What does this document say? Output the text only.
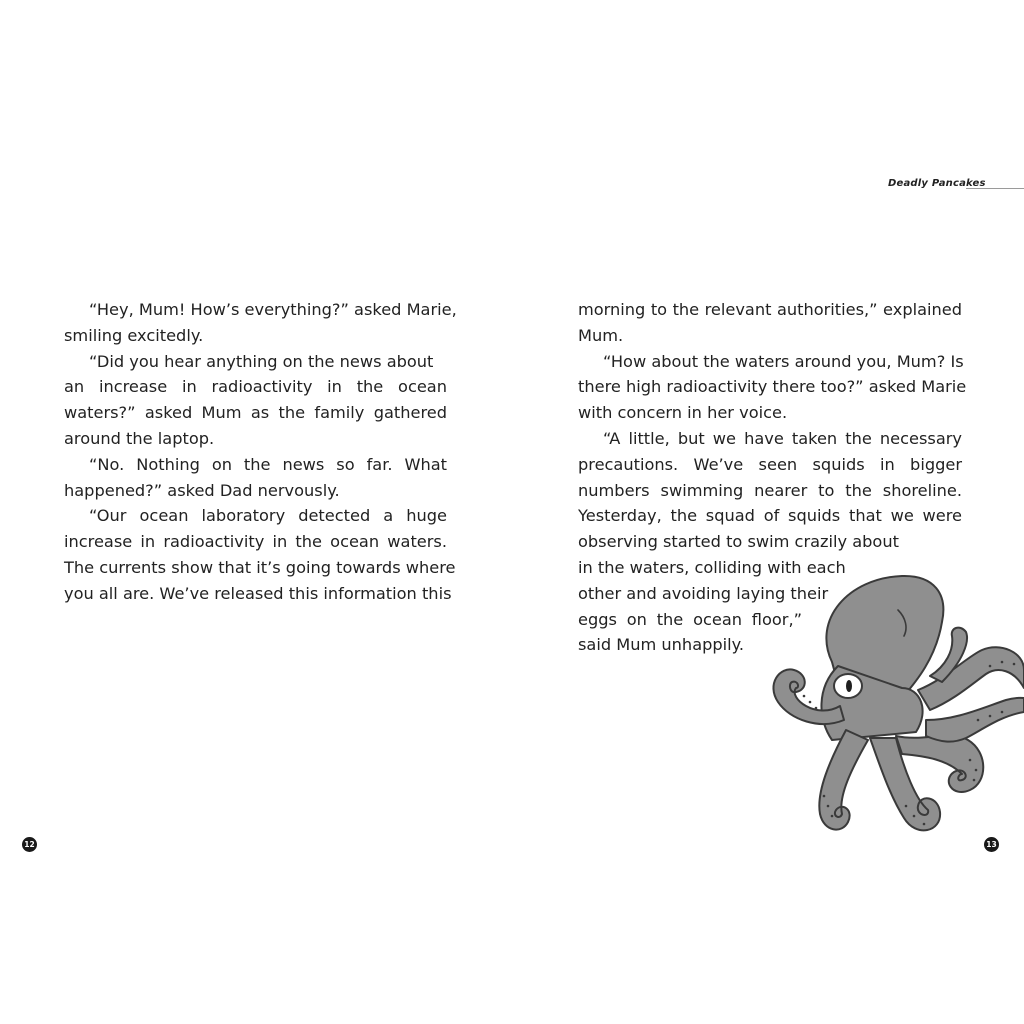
“Hey, Mum! How’s everything?” asked Marie,
smiling excitedly.
“Did you hear anything on the news about
an increase in radioactivity in the ocean
waters?” asked Mum as the family gathered
around the laptop.
“No. Nothing on the news so far. What
happened?” asked Dad nervously.
“Our ocean laboratory detected a huge
increase in radioactivity in the ocean waters.
The currents show that it’s going towards where
you all are. We’ve released this information this
12
Deadly Pancakes
morning to the relevant authorities,” explained
Mum.
“How about the waters around you, Mum? Is
there high radioactivity there too?” asked Marie
with concern in her voice.
“A little, but we have taken the necessary
precautions. We’ve seen squids in bigger
numbers swimming nearer to the shoreline.
Yesterday, the squad of squids that we were
observing started to swim crazily about
in the waters, colliding with each
other and avoiding laying their
eggs on the ocean floor,”
said Mum unhappily.
13
